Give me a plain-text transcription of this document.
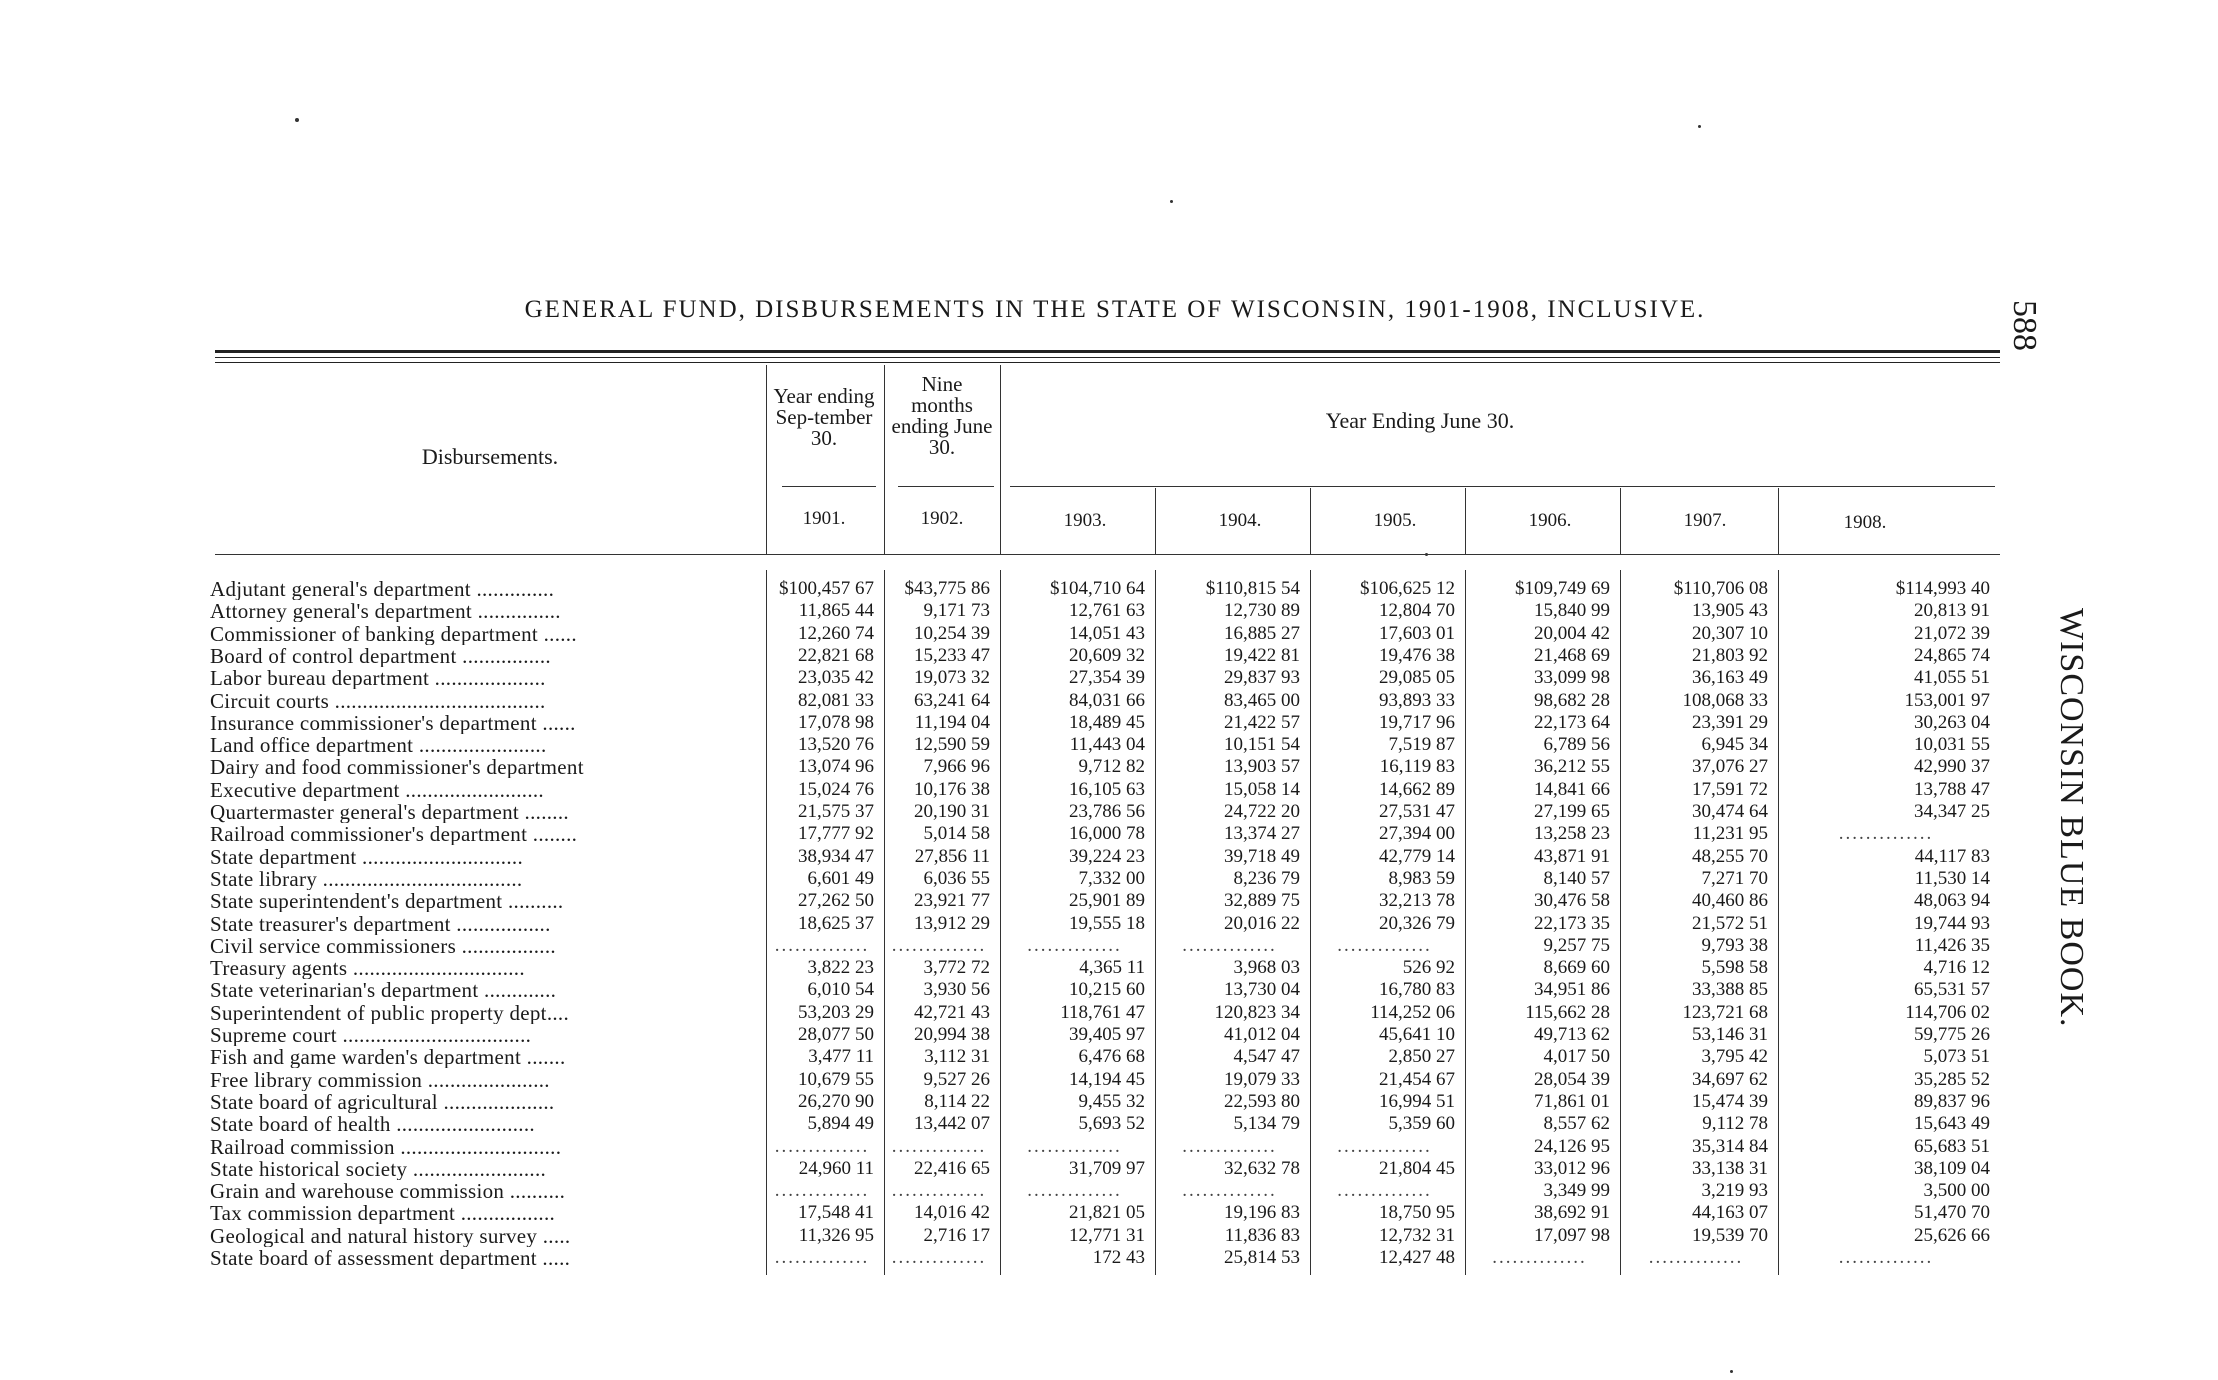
GENERAL FUND, DISBURSEMENTS IN THE STATE OF WISCONSIN, 1901-1908, INCLUSIVE.	588
WISCONSIN BLUE BOOK.
Disbursements.
Year ending Sep-tember 30.
Nine months ending June 30.
Year Ending June 30.
1901.	1902.	1903.	1904.	1905.	1906.	1907.	1908.
Adjutant general's department ..............	$100,457 67	$43,775 86	$104,710 64	$110,815 54	$106,625 12	$109,749 69	$110,706 08	$114,993 40
Attorney general's department ...............	11,865 44	9,171 73	12,761 63	12,730 89	12,804 70	15,840 99	13,905 43	20,813 91
Commissioner of banking department ......	12,260 74	10,254 39	14,051 43	16,885 27	17,603 01	20,004 42	20,307 10	21,072 39
Board of control department ................	22,821 68	15,233 47	20,609 32	19,422 81	19,476 38	21,468 69	21,803 92	24,865 74
Labor bureau department ....................	23,035 42	19,073 32	27,354 39	29,837 93	29,085 05	33,099 98	36,163 49	41,055 51
Circuit courts ......................................	82,081 33	63,241 64	84,031 66	83,465 00	93,893 33	98,682 28	108,068 33	153,001 97
Insurance commissioner's department ......	17,078 98	11,194 04	18,489 45	21,422 57	19,717 96	22,173 64	23,391 29	30,263 04
Land office department .......................	13,520 76	12,590 59	11,443 04	10,151 54	7,519 87	6,789 56	6,945 34	10,031 55
Dairy and food commissioner's department	13,074 96	7,966 96	9,712 82	13,903 57	16,119 83	36,212 55	37,076 27	42,990 37
Executive department .........................	15,024 76	10,176 38	16,105 63	15,058 14	14,662 89	14,841 66	17,591 72	13,788 47
Quartermaster general's department ........	21,575 37	20,190 31	23,786 56	24,722 20	27,531 47	27,199 65	30,474 64	34,347 25
Railroad commissioner's department ........	17,777 92	5,014 58	16,000 78	13,374 27	27,394 00	13,258 23	11,231 95	..............
State department .............................	38,934 47	27,856 11	39,224 23	39,718 49	42,779 14	43,871 91	48,255 70	44,117 83
State library ....................................	6,601 49	6,036 55	7,332 00	8,236 79	8,983 59	8,140 57	7,271 70	11,530 14
State superintendent's department ..........	27,262 50	23,921 77	25,901 89	32,889 75	32,213 78	30,476 58	40,460 86	48,063 94
State treasurer's department .................	18,625 37	13,912 29	19,555 18	20,016 22	20,326 79	22,173 35	21,572 51	19,744 93
Civil service commissioners .................	.............. ..............	..............	..............	..............	9,257 75	9,793 38	11,426 35
Treasury agents ...............................	3,822 23	3,772 72	4,365 11	3,968 03	526 92	8,669 60	5,598 58	4,716 12
State veterinarian's department .............	6,010 54	3,930 56	10,215 60	13,730 04	16,780 83	34,951 86	33,388 85	65,531 57
Superintendent of public property dept....	53,203 29	42,721 43	118,761 47	120,823 34	114,252 06	115,662 28	123,721 68	114,706 02
Supreme court ..................................	28,077 50	20,994 38	39,405 97	41,012 04	45,641 10	49,713 62	53,146 31	59,775 26
Fish and game warden's department .......	3,477 11	3,112 31	6,476 68	4,547 47	2,850 27	4,017 50	3,795 42	5,073 51
Free library commission ......................	10,679 55	9,527 26	14,194 45	19,079 33	21,454 67	28,054 39	34,697 62	35,285 52
State board of agricultural ....................	26,270 90	8,114 22	9,455 32	22,593 80	16,994 51	71,861 01	15,474 39	89,837 96
State board of health .........................	5,894 49	13,442 07	5,693 52	5,134 79	5,359 60	8,557 62	9,112 78	15,643 49
Railroad commission .............................	.............. ..............	..............	..............	..............	24,126 95	35,314 84	65,683 51
State historical society ........................	24,960 11	22,416 65	31,709 97	32,632 78	21,804 45	33,012 96	33,138 31	38,109 04
Grain and warehouse commission ..........	.............. ..............	..............	..............	..............	3,349 99	3,219 93	3,500 00
Tax commission department .................	17,548 41	14,016 42	21,821 05	19,196 83	18,750 95	38,692 91	44,163 07	51,470 70
Geological and natural history survey .....	11,326 95	2,716 17	12,771 31	11,836 83	12,732 31	17,097 98	19,539 70	25,626 66
State board of assessment department .....	.............. ..............	172 43	25,814 53	12,427 48	..............	..............	..............
